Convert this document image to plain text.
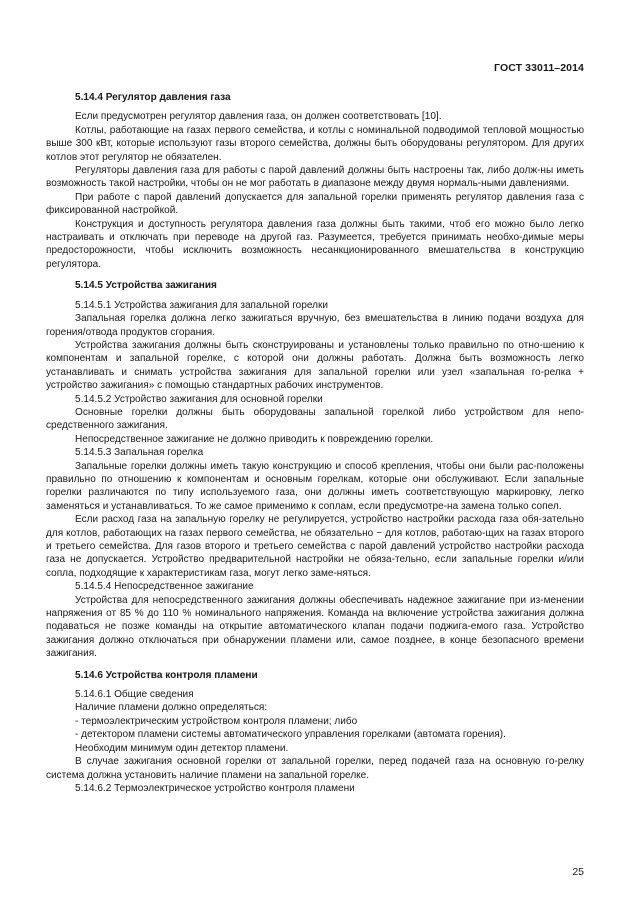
ГОСТ 33011–2014
5.14.4 Регулятор давления газа

Если предусмотрен регулятор давления газа, он должен соответствовать [10].

Котлы, работающие на газах первого семейства, и котлы с номинальной подводимой тепловой мощностью выше 300 кВт, которые используют газы второго семейства, должны быть оборудованы регулятором. Для других котлов этот регулятор не обязателен.

Регуляторы давления газа для работы с парой давлений должны быть настроены так, либо долж-ны иметь возможность такой настройки, чтобы он не мог работать в диапазоне между двумя нормаль-ными давлениями.

При работе с парой давлений допускается для запальной горелки применять регулятор давления газа с фиксированной настройкой.

Конструкция и доступность регулятора давления газа должны быть такими, чтоб его можно было легко настраивать и отключать при переводе на другой газ. Разумеется, требуется принимать необхо-димые меры предосторожности, чтобы исключить возможность несанкционированного вмешательства в конструкцию регулятора.

5.14.5 Устройства зажигания

5.14.5.1 Устройства зажигания для запальной горелки

Запальная горелка должна легко зажигаться вручную, без вмешательства в линию подачи воздуха для горения/отвода продуктов сгорания.

Устройства зажигания должны быть сконструированы и установлены только правильно по отно-шению к компонентам и запальной горелке, с которой они должны работать. Должна быть возможность легко устанавливать и снимать устройства зажигания для запальной горелки или узел «запальная го-релка + устройство зажигания» с помощью стандартных рабочих инструментов.

5.14.5.2 Устройство зажигания для основной горелки

Основные горелки должны быть оборудованы запальной горелкой либо устройством для непо-средственного зажигания.

Непосредственное зажигание не должно приводить к повреждению горелки.

5.14.5.3 Запальная горелка

Запальные горелки должны иметь такую конструкцию и способ крепления, чтобы они были рас-положены правильно по отношению к компонентам и основным горелкам, которые они обслуживают. Если запальные горелки различаются по типу используемого газа, они должны иметь соответствующую маркировку, легко заменяться и устанавливаться. То же самое применимо к соплам, если предусмотре-на замена только сопел.

Если расход газа на запальную горелку не регулируется, устройство настройки расхода газа обя-зательно для котлов, работающих на газах первого семейства, не обязательно − для котлов, работаю-щих на газах второго и третьего семейства. Для газов второго и третьего семейства с парой давлений устройство настройки расхода газа не допускается. Устройство предварительной настройки не обяза-тельно, если запальные горелки и/или сопла, подходящие к характеристикам газа, могут легко заме-няться.

5.14.5.4 Непосредственное зажигание

Устройства для непосредственного зажигания должны обеспечивать надежное зажигание при из-менении напряжения от 85 % до 110 % номинального напряжения. Команда на включение устройства зажигания должна подаваться не позже команды на открытие автоматического клапан подачи поджига-емого газа. Устройство зажигания должно отключаться при обнаружении пламени или, самое позднее, в конце безопасного времени зажигания.

5.14.6 Устройства контроля пламени

5.14.6.1 Общие сведения

Наличие пламени должно определяться:

- термоэлектрическим устройством контроля пламени; либо

- детектором пламени системы автоматического управления горелками (автомата горения).

Необходим минимум один детектор пламени.

В случае зажигания основной горелки от запальной горелки, перед подачей газа на основную го-релку система должна установить наличие пламени на запальной горелке.

5.14.6.2 Термоэлектрическое устройство контроля пламени

25
